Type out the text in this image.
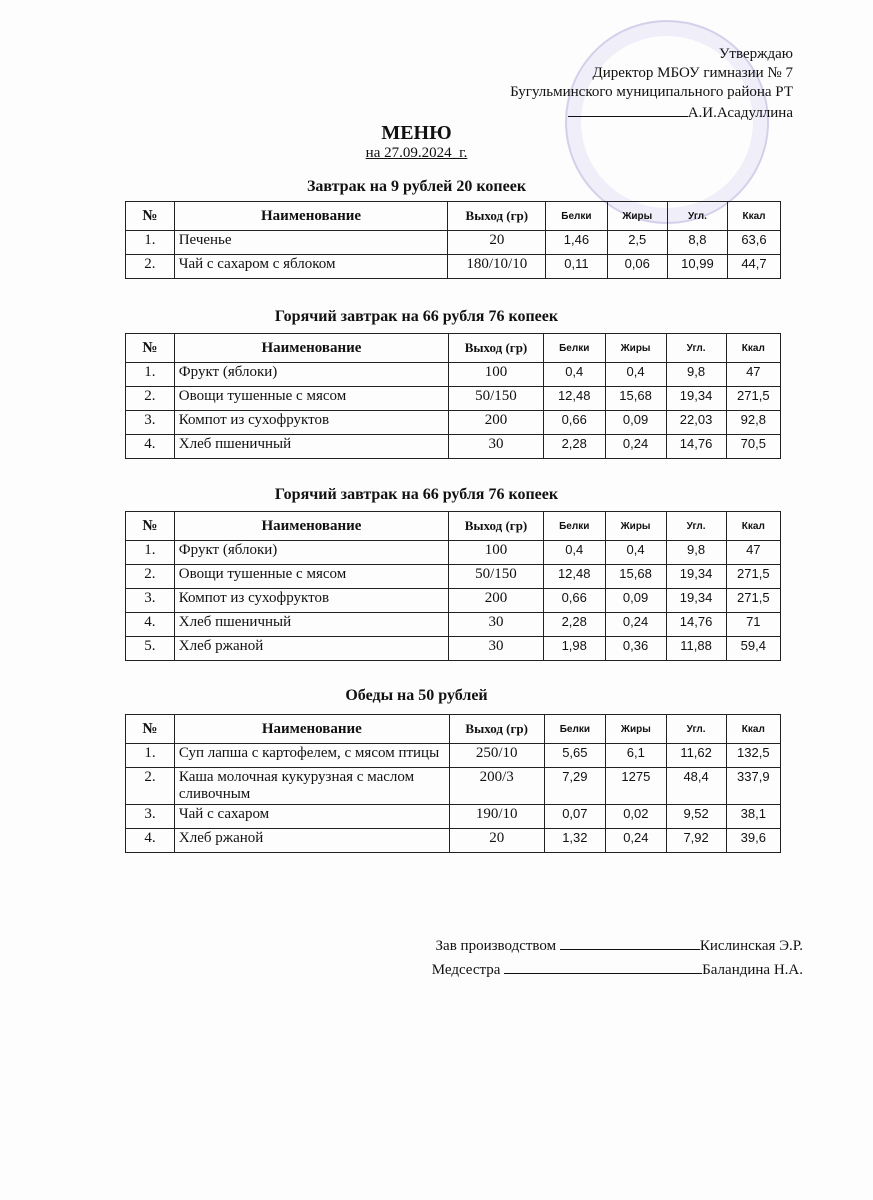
Утверждаю
Директор МБОУ гимназии № 7
Бугульминского муниципального района РТ
А.И.Асадуллина
МЕНЮ
на 27.09.2024_г.
Завтрак на 9 рублей 20 копеек
№	Наименование	Выход (гр)	Белки	Жиры	Угл.	Ккал
1.	Печенье	20	1,46	2,5	8,8	63,6
2.	Чай с сахаром с яблоком	180/10/10	0,11	0,06	10,99	44,7
Горячий завтрак на 66 рубля 76 копеек
№	Наименование	Выход (гр)	Белки	Жиры	Угл.	Ккал
1.	Фрукт (яблоки)	100	0,4	0,4	9,8	47
2.	Овощи тушенные с мясом	50/150	12,48	15,68	19,34	271,5
3.	Компот из сухофруктов	200	0,66	0,09	22,03	92,8
4.	Хлеб пшеничный	30	2,28	0,24	14,76	70,5
Горячий завтрак на 66 рубля 76 копеек
№	Наименование	Выход (гр)	Белки	Жиры	Угл.	Ккал
1.	Фрукт (яблоки)	100	0,4	0,4	9,8	47
2.	Овощи тушенные с мясом	50/150	12,48	15,68	19,34	271,5
3.	Компот из сухофруктов	200	0,66	0,09	19,34	271,5
4.	Хлеб пшеничный	30	2,28	0,24	14,76	71
5.	Хлеб ржаной	30	1,98	0,36	11,88	59,4
Обеды на 50 рублей
№	Наименование	Выход (гр)	Белки	Жиры	Угл.	Ккал
1.	Суп лапша с картофелем, с мясом птицы	250/10	5,65	6,1	11,62	132,5
2.	Каша молочная кукурузная с маслом сливочным	200/3	7,29	1275	48,4	337,9
3.	Чай с сахаром	190/10	0,07	0,02	9,52	38,1
4.	Хлеб ржаной	20	1,32	0,24	7,92	39,6
Зав производством	Кислинская Э.Р.
Медсестра	Баландина Н.А.
